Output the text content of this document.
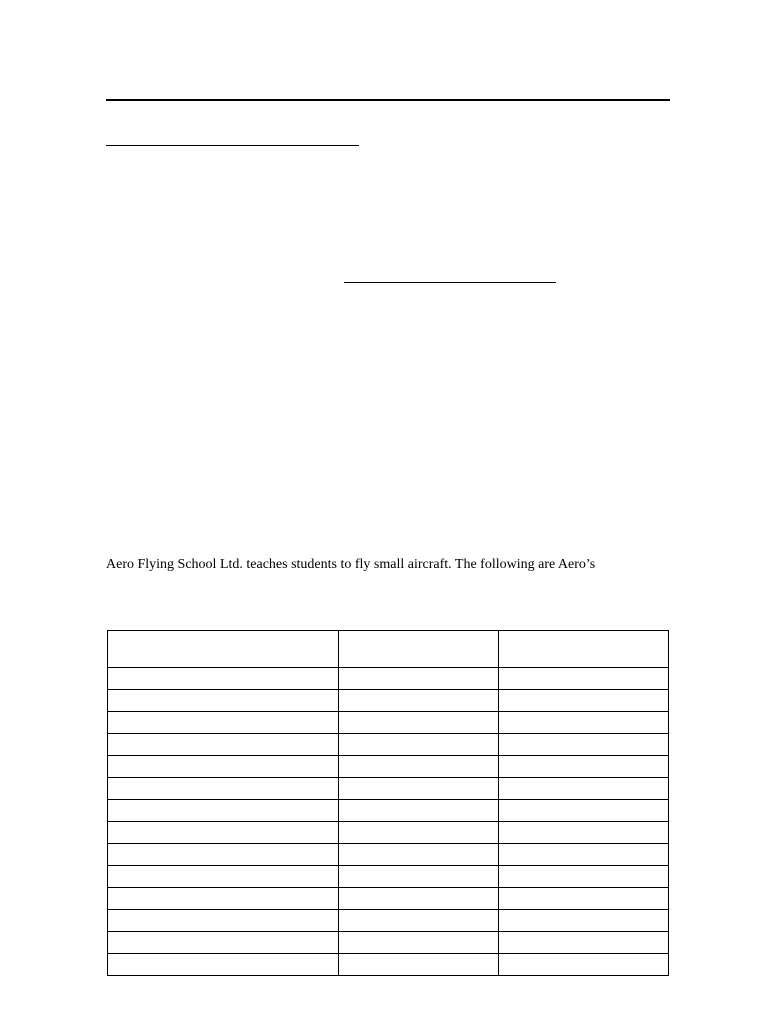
Aero Flying School Ltd. teaches students to fly small aircraft. The following are Aero’s
